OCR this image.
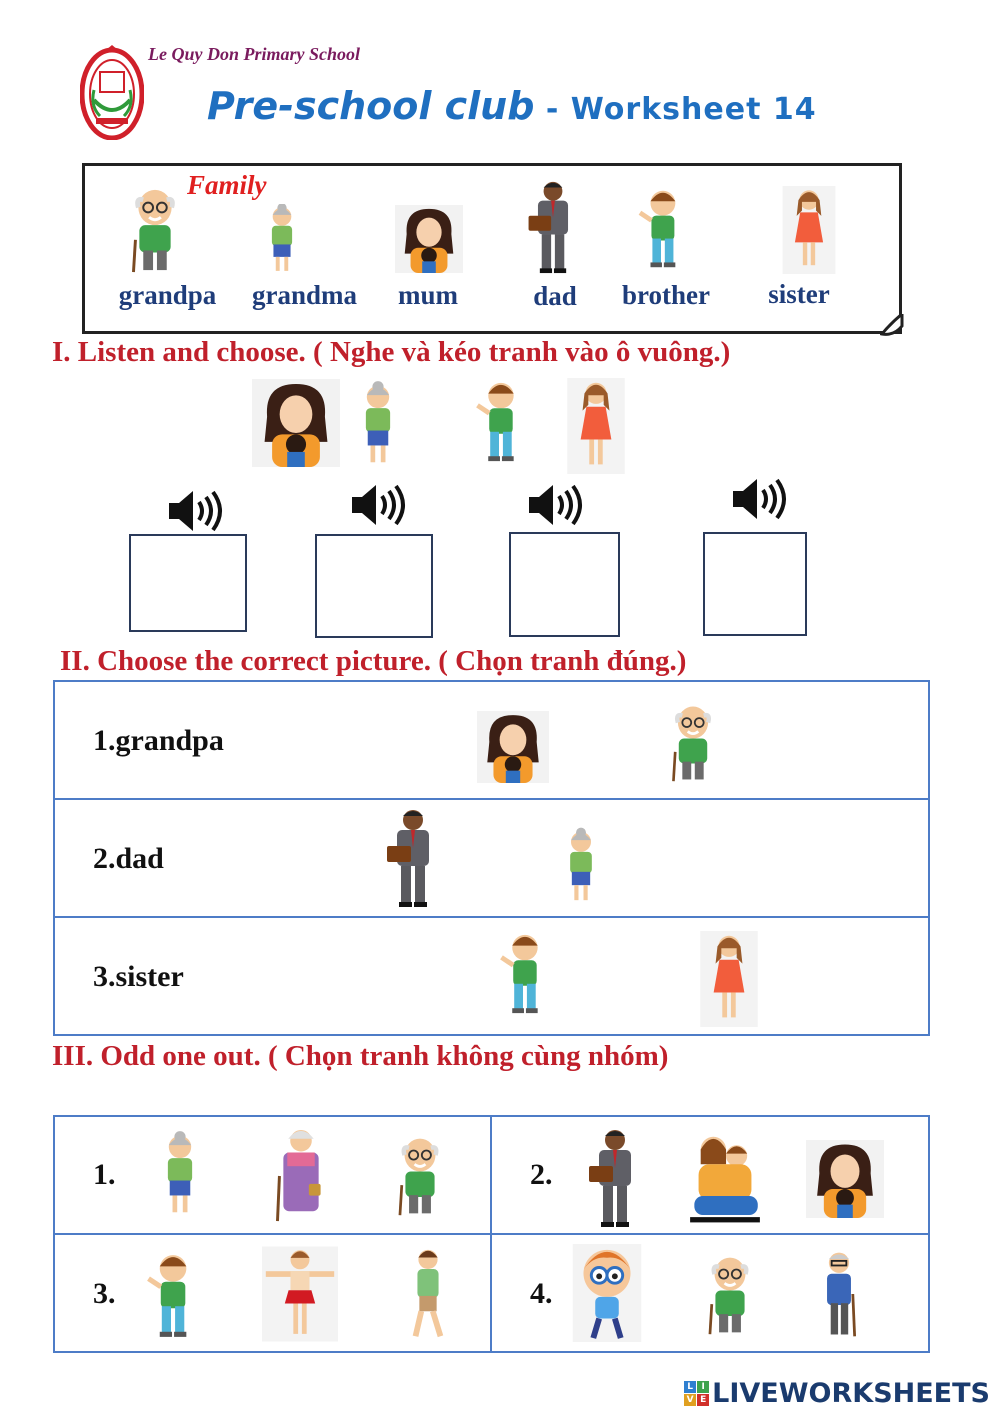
Le Quy Don Primary School
Pre-school club - Worksheet 14
Family
grandpa	grandma	mum	dad	brother	sister
I. Listen and choose. ( Nghe và kéo tranh vào ô vuông.)
II. Choose the correct picture. ( Chọn tranh đúng.)
1.grandpa
2.dad
3.sister
III. Odd one out. ( Chọn tranh không cùng nhóm)
1.	2.
3.	4.
L I
V E LIVEWORKSHEETS
